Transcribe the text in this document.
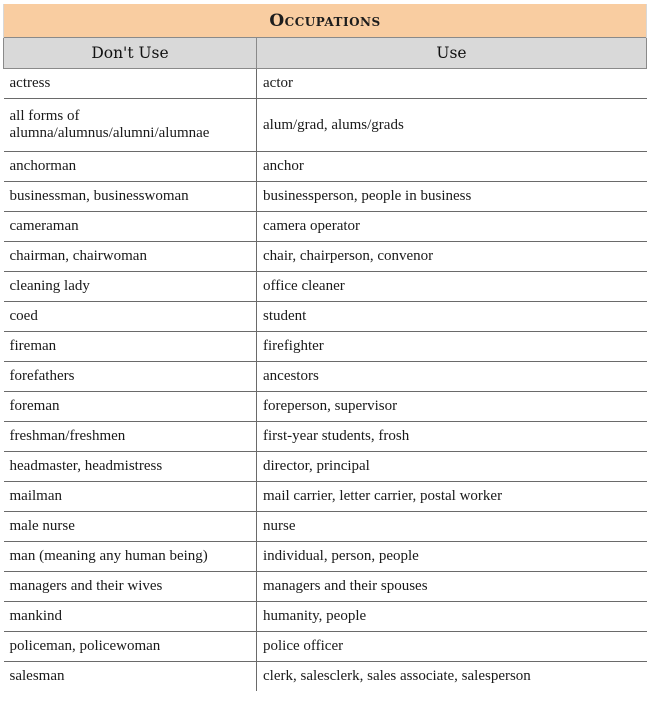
Occupations	
Don't Use	Use
actress	actor
all forms of alumna/alumnus/alumni/alumnae	alum/grad, alums/grads
anchorman	anchor
businessman, businesswoman	businessperson, people in business
cameraman	camera operator
chairman, chairwoman	chair, chairperson, convenor
cleaning lady	office cleaner
coed	student
fireman	firefighter
forefathers	ancestors
foreman	foreperson, supervisor
freshman/freshmen	first-year students, frosh
headmaster, headmistress	director, principal
mailman	mail carrier, letter carrier, postal worker
male nurse	nurse
man (meaning any human being)	individual, person, people
managers and their wives	managers and their spouses
mankind	humanity, people
policeman, policewoman	police officer
salesman	clerk, salesclerk, sales associate, salesperson
